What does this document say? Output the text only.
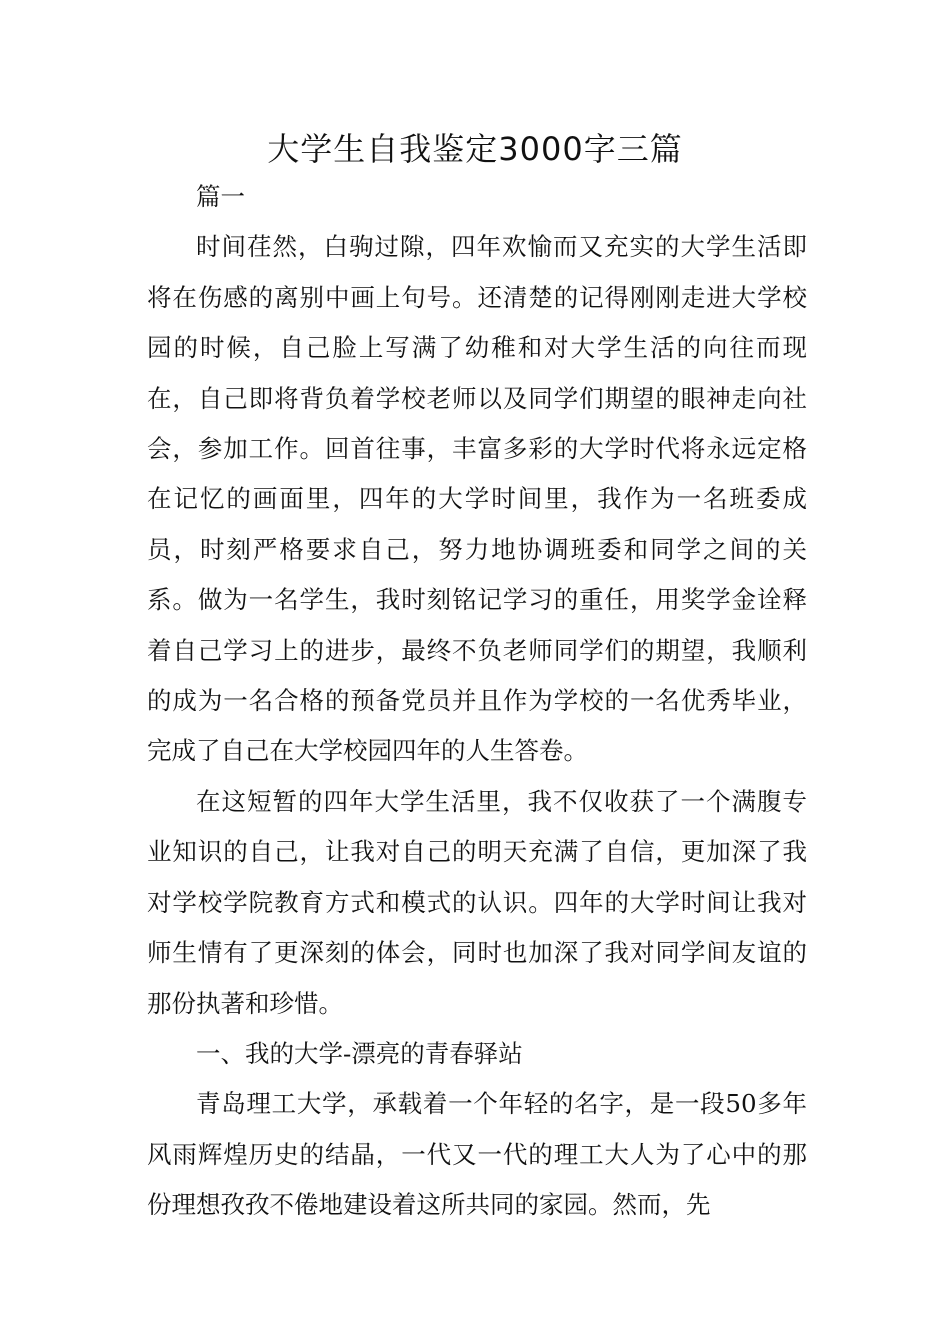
大学生自我鉴定3000字三篇

篇一

时间荏然，白驹过隙，四年欢愉而又充实的大学生活即将在伤感的离别中画上句号。还清楚的记得刚刚走进大学校园的时候，自己脸上写满了幼稚和对大学生活的向往而现在，自己即将背负着学校老师以及同学们期望的眼神走向社会，参加工作。回首往事，丰富多彩的大学时代将永远定格在记忆的画面里，四年的大学时间里，我作为一名班委成员，时刻严格要求自己，努力地协调班委和同学之间的关系。做为一名学生，我时刻铭记学习的重任，用奖学金诠释着自己学习上的进步，最终不负老师同学们的期望，我顺利的成为一名合格的预备党员并且作为学校的一名优秀毕业，完成了自己在大学校园四年的人生答卷。

在这短暂的四年大学生活里，我不仅收获了一个满腹专业知识的自己，让我对自己的明天充满了自信，更加深了我对学校学院教育方式和模式的认识。四年的大学时间让我对师生情有了更深刻的体会，同时也加深了我对同学间友谊的那份执著和珍惜。

一、我的大学-漂亮的青春驿站

青岛理工大学，承载着一个年轻的名字，是一段50多年风雨辉煌历史的结晶，一代又一代的理工大人为了心中的那份理想孜孜不倦地建设着这所共同的家园。然而，先
